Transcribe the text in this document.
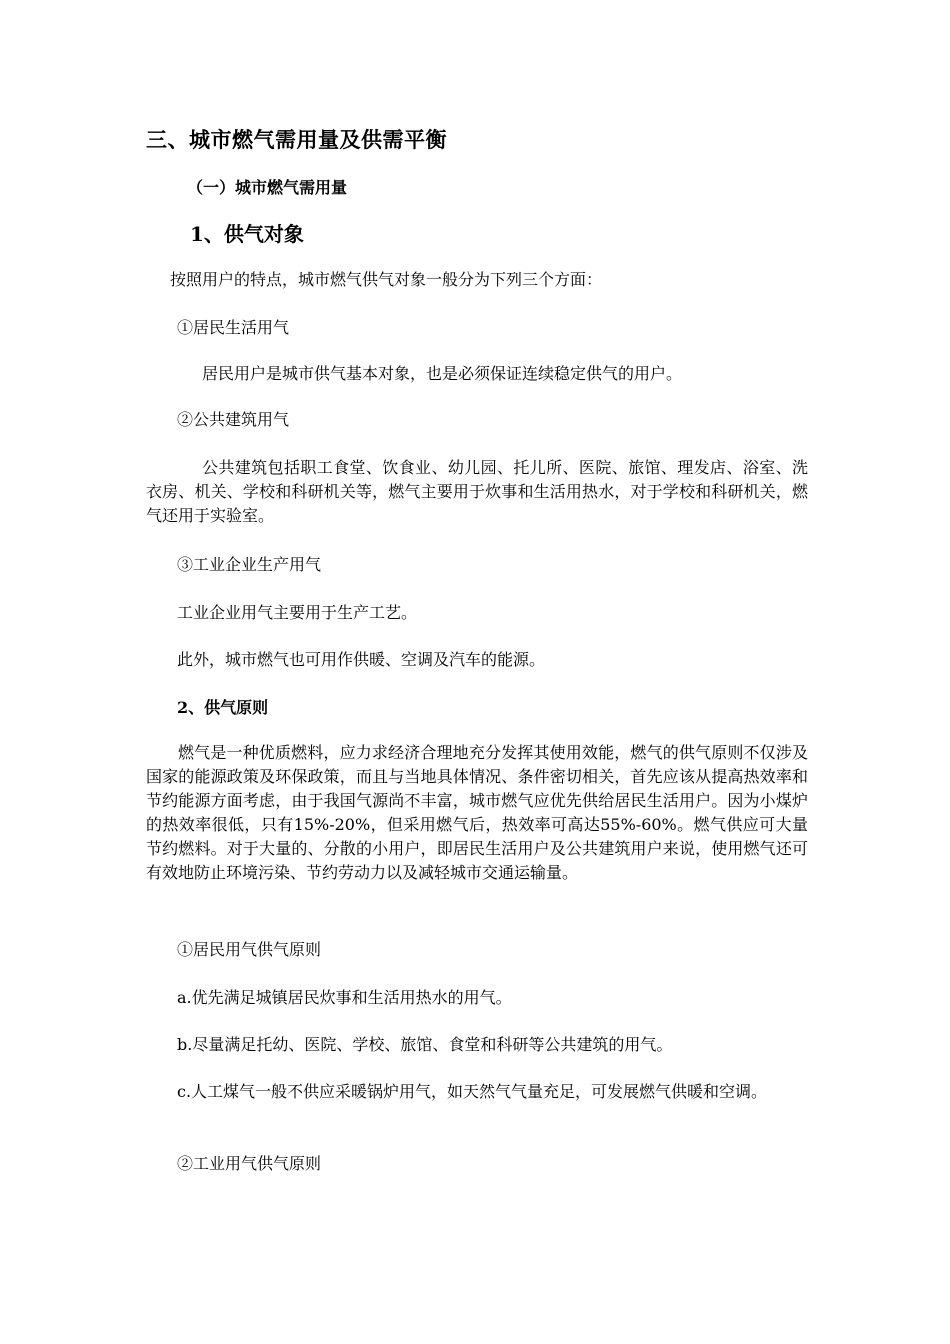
三、城市燃气需用量及供需平衡
（一）城市燃气需用量
1、供气对象

按照用户的特点，城市燃气供气对象一般分为下列三个方面：

①居民生活用气

居民用户是城市供气基本对象，也是必须保证连续稳定供气的用户。

②公共建筑用气

公共建筑包括职工食堂、饮食业、幼儿园、托儿所、医院、旅馆、理发店、浴室、洗衣房、机关、学校和科研机关等，燃气主要用于炊事和生活用热水，对于学校和科研机关，燃气还用于实验室。

③工业企业生产用气

工业企业用气主要用于生产工艺。

此外，城市燃气也可用作供暖、空调及汽车的能源。

2、供气原则

燃气是一种优质燃料，应力求经济合理地充分发挥其使用效能，燃气的供气原则不仅涉及国家的能源政策及环保政策，而且与当地具体情况、条件密切相关，首先应该从提高热效率和节约能源方面考虑，由于我国气源尚不丰富，城市燃气应优先供给居民生活用户。因为小煤炉的热效率很低，只有15%-20%，但采用燃气后，热效率可高达55%-60%。燃气供应可大量节约燃料。对于大量的、分散的小用户，即居民生活用户及公共建筑用户来说，使用燃气还可有效地防止环境污染、节约劳动力以及减轻城市交通运输量。

①居民用气供气原则

a.优先满足城镇居民炊事和生活用热水的用气。

b.尽量满足托幼、医院、学校、旅馆、食堂和科研等公共建筑的用气。

c.人工煤气一般不供应采暖锅炉用气，如天然气气量充足，可发展燃气供暖和空调。

②工业用气供气原则
